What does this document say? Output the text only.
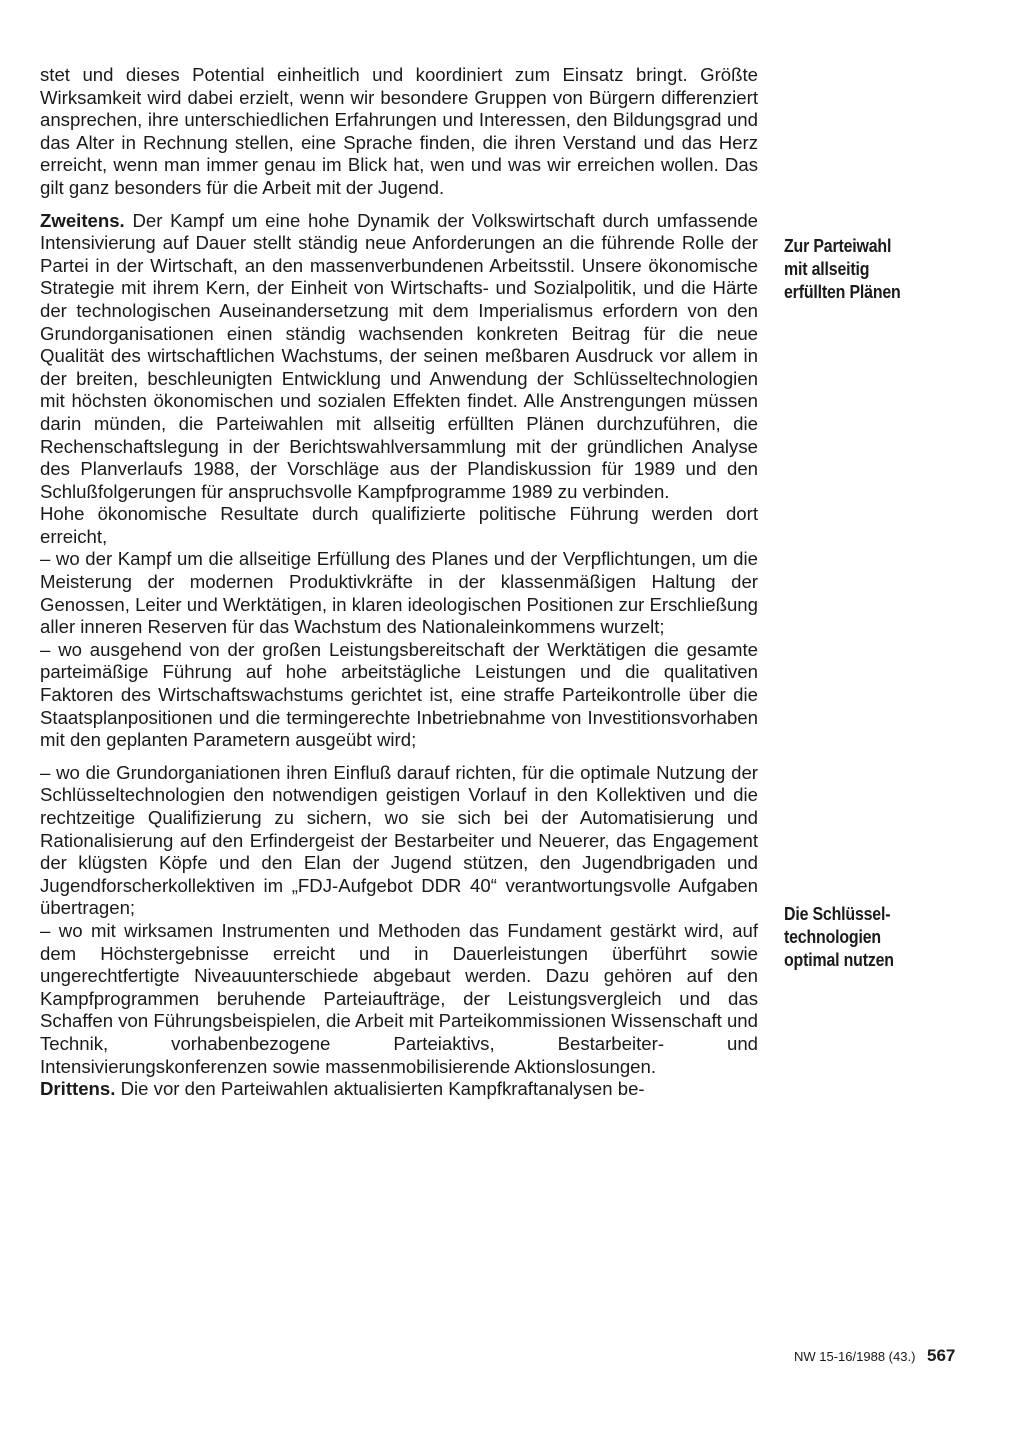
stet und dieses Potential einheitlich und koordiniert zum Einsatz bringt. Größte Wirksamkeit wird dabei erzielt, wenn wir besondere Gruppen von Bürgern differenziert ansprechen, ihre unterschiedlichen Erfahrungen und Interessen, den Bildungsgrad und das Alter in Rechnung stellen, eine Sprache finden, die ihren Verstand und das Herz erreicht, wenn man immer genau im Blick hat, wen und was wir erreichen wollen. Das gilt ganz besonders für die Arbeit mit der Jugend.

Zweitens. Der Kampf um eine hohe Dynamik der Volkswirtschaft durch umfassende Intensivierung auf Dauer stellt ständig neue Anforderungen an die führende Rolle der Partei in der Wirtschaft, an den massenverbundenen Arbeitsstil. Unsere ökonomische Strategie mit ihrem Kern, der Einheit von Wirtschafts- und Sozialpolitik, und die Härte der technologischen Auseinandersetzung mit dem Imperialismus erfordern von den Grundorganisationen einen ständig wachsenden konkreten Beitrag für die neue Qualität des wirtschaftlichen Wachstums, der seinen meßbaren Ausdruck vor allem in der breiten, beschleunigten Entwicklung und Anwendung der Schlüsseltechnologien mit höchsten ökonomischen und sozialen Effekten findet. Alle Anstrengungen müssen darin münden, die Parteiwahlen mit allseitig erfüllten Plänen durchzuführen, die Rechenschaftslegung in der Berichtswahlversammlung mit der gründlichen Analyse des Planverlaufs 1988, der Vorschläge aus der Plandiskussion für 1989 und den Schlußfolgerungen für anspruchsvolle Kampfprogramme 1989 zu verbinden.

Hohe ökonomische Resultate durch qualifizierte politische Führung werden dort erreicht,

– wo der Kampf um die allseitige Erfüllung des Planes und der Verpflichtungen, um die Meisterung der modernen Produktivkräfte in der klassenmäßigen Haltung der Genossen, Leiter und Werktätigen, in klaren ideologischen Positionen zur Erschließung aller inneren Reserven für das Wachstum des Nationaleinkommens wurzelt;

– wo ausgehend von der großen Leistungsbereitschaft der Werktätigen die gesamte parteimäßige Führung auf hohe arbeitstägliche Leistungen und die qualitativen Faktoren des Wirtschaftswachstums gerichtet ist, eine straffe Parteikontrolle über die Staatsplanpositionen und die termingerechte Inbetriebnahme von Investitionsvorhaben mit den geplanten Parametern ausgeübt wird;

– wo die Grundorganiationen ihren Einfluß darauf richten, für die optimale Nutzung der Schlüsseltechnologien den notwendigen geistigen Vorlauf in den Kollektiven und die rechtzeitige Qualifizierung zu sichern, wo sie sich bei der Automatisierung und Rationalisierung auf den Erfindergeist der Bestarbeiter und Neuerer, das Engagement der klügsten Köpfe und den Elan der Jugend stützen, den Jugendbrigaden und Jugendforscherkollektiven im „FDJ-Aufgebot DDR 40“ verantwortungsvolle Aufgaben übertragen;

– wo mit wirksamen Instrumenten und Methoden das Fundament gestärkt wird, auf dem Höchstergebnisse erreicht und in Dauerleistungen überführt sowie ungerechtfertigte Niveauunterschiede abgebaut werden. Dazu gehören auf den Kampfprogrammen beruhende Parteiaufträge, der Leistungsvergleich und das Schaffen von Führungsbeispielen, die Arbeit mit Parteikommissionen Wissenschaft und Technik, vorhabenbezogene Parteiaktivs, Bestarbeiter- und Intensivierungskonferenzen sowie massenmobilisierende Aktionslosungen.

Drittens. Die vor den Parteiwahlen aktualisierten Kampfkraftanalysen be-

Zur Parteiwahl
mit allseitig
erfüllten Plänen
Die Schlüssel-
technologien
optimal nutzen
NW 15-16/1988 (43.) 567
